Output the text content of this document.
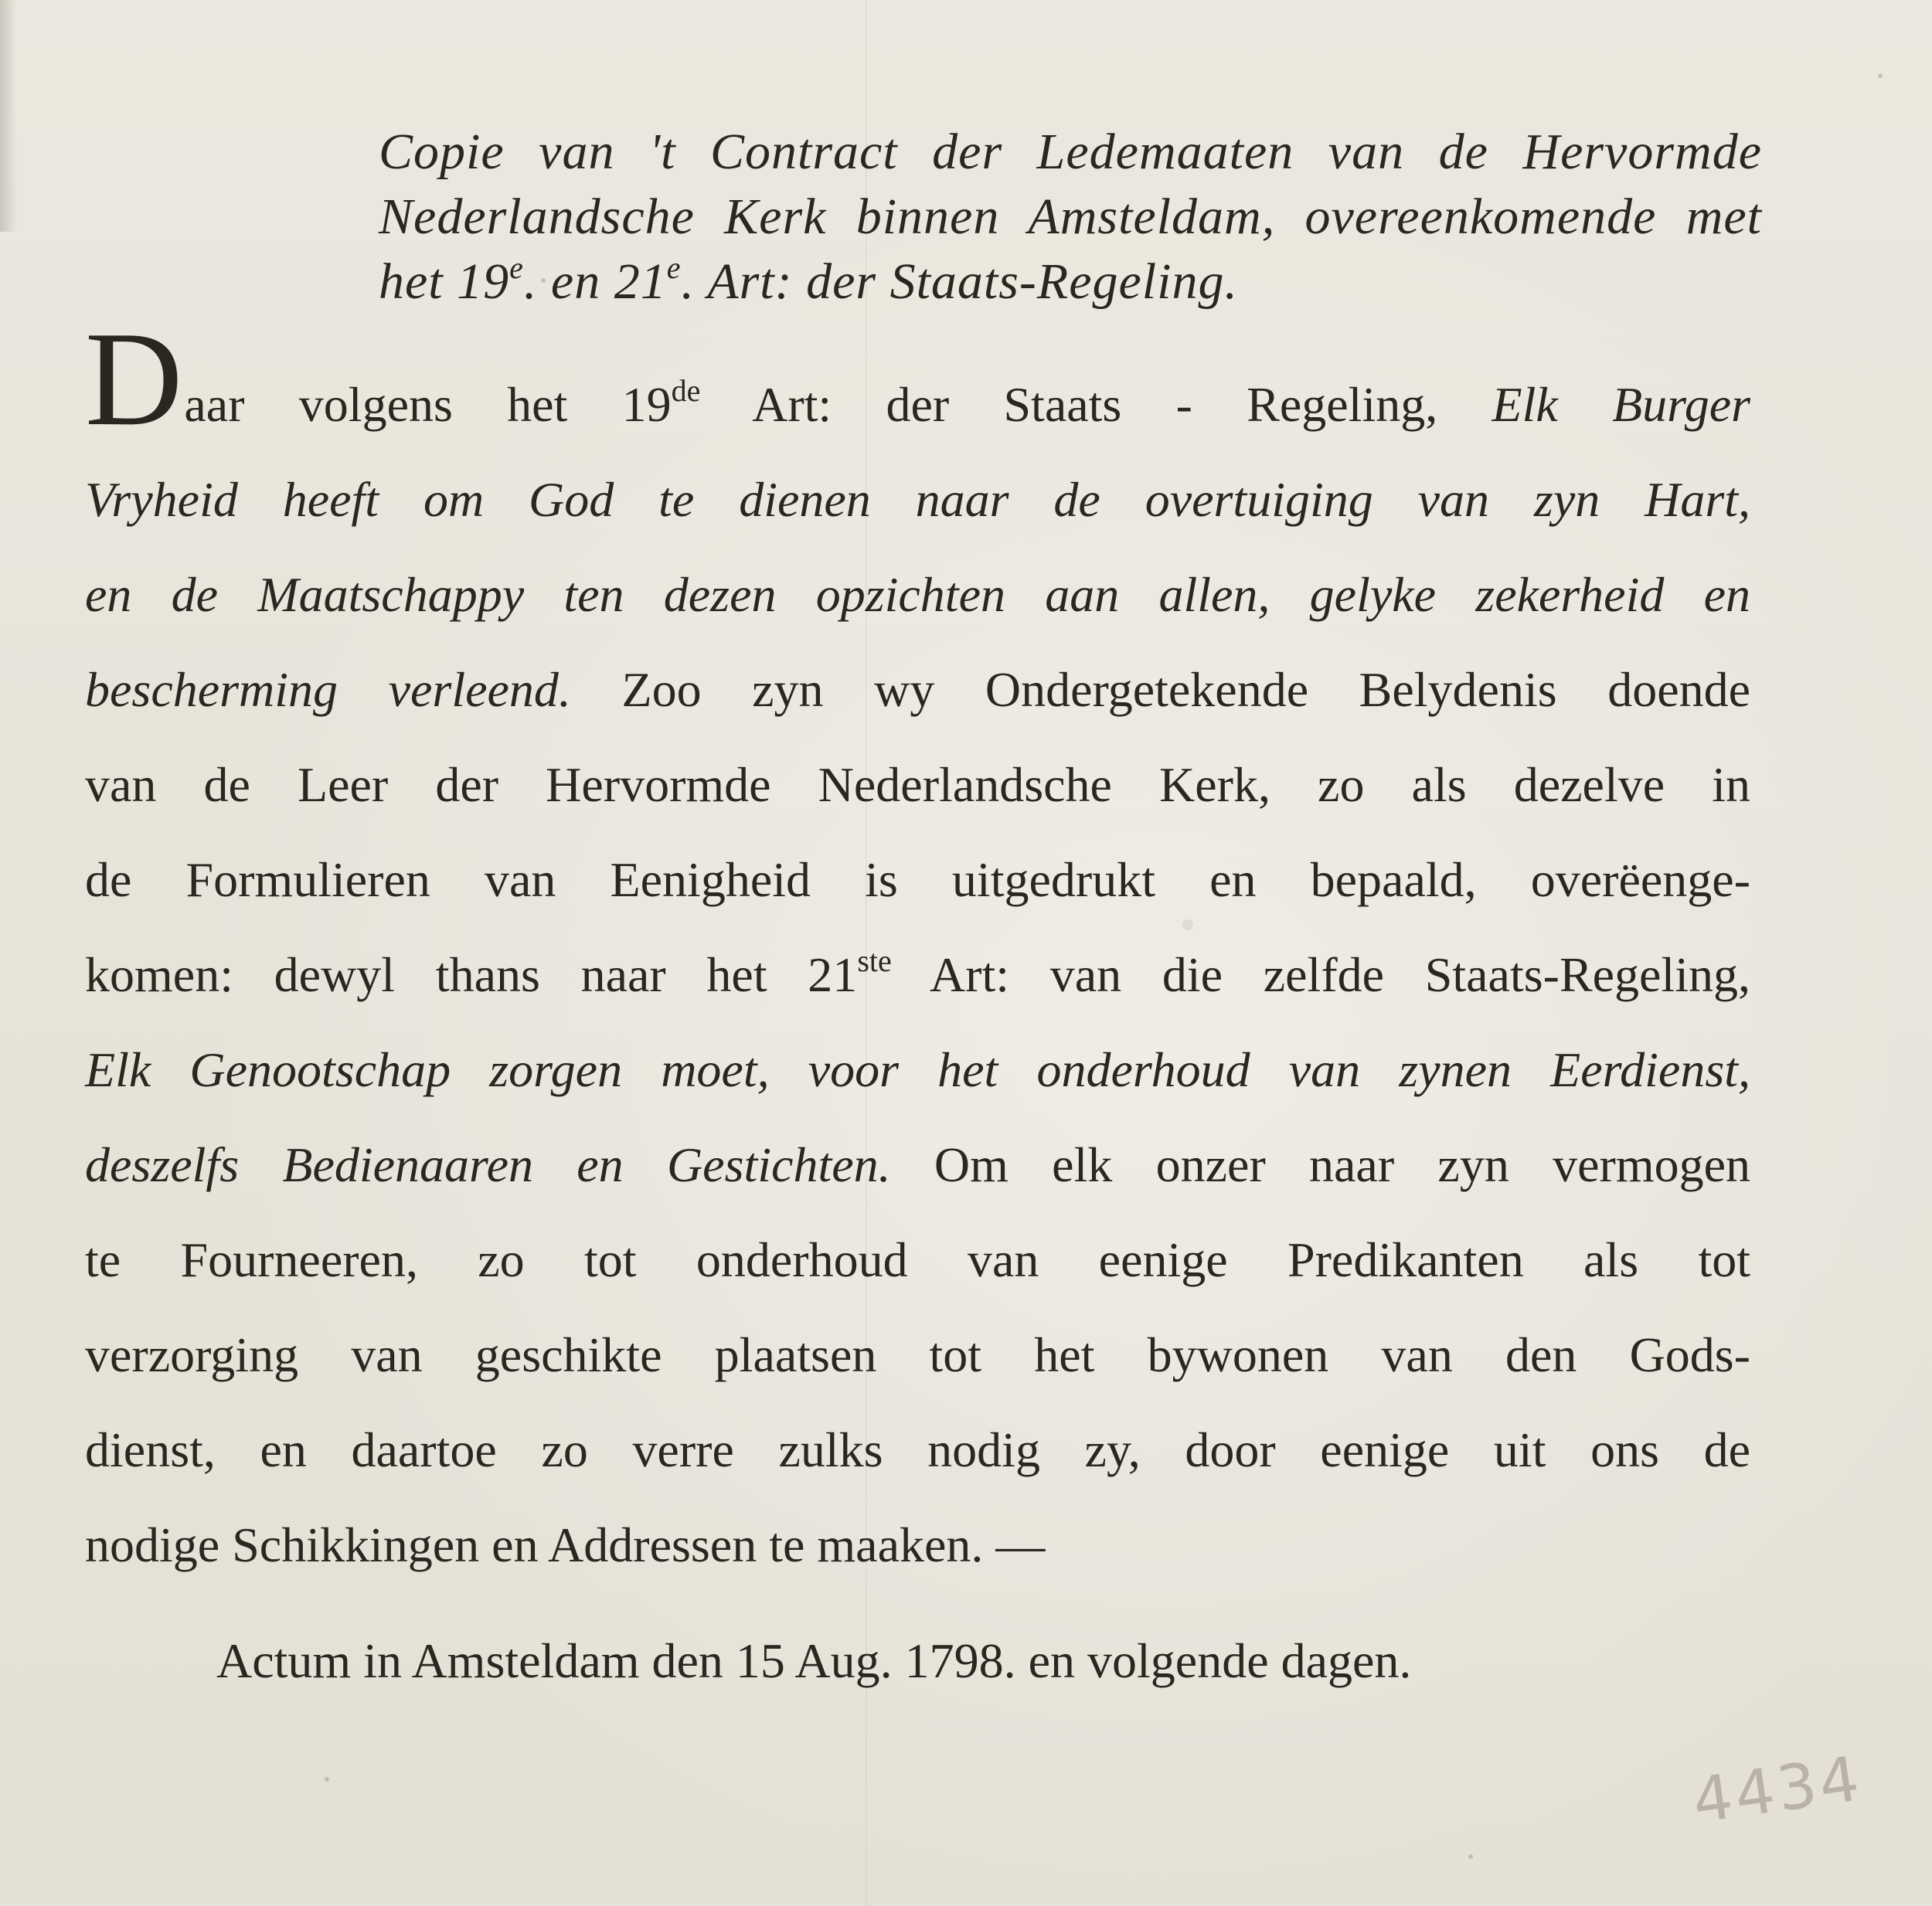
Copie van 't Contract der Ledemaaten van de Hervormde
Nederlandsche Kerk binnen Amsteldam, overeenkomende met
het 19e. en 21e. Art: der Staats-Regeling.
Daar volgens het 19de Art: der Staats - Regeling, Elk Burger
Vryheid heeft om God te dienen naar de overtuiging van zyn Hart,
en de Maatschappy ten dezen opzichten aan allen, gelyke zekerheid en
bescherming verleend. Zoo zyn wy Ondergetekende Belydenis doende
van de Leer der Hervormde Nederlandsche Kerk, zo als dezelve in
de Formulieren van Eenigheid is uitgedrukt en bepaald, overëenge-
komen: dewyl thans naar het 21ste Art: van die zelfde Staats-Regeling,
Elk Genootschap zorgen moet, voor het onderhoud van zynen Eerdienst,
deszelfs Bedienaaren en Gestichten. Om elk onzer naar zyn vermogen
te Fourneeren, zo tot onderhoud van eenige Predikanten als tot
verzorging van geschikte plaatsen tot het bywonen van den Gods-
dienst, en daartoe zo verre zulks nodig zy, door eenige uit ons de
nodige Schikkingen en Addressen te maaken. —
Actum in Amsteldam den 15 Aug. 1798. en volgende dagen.
4434
